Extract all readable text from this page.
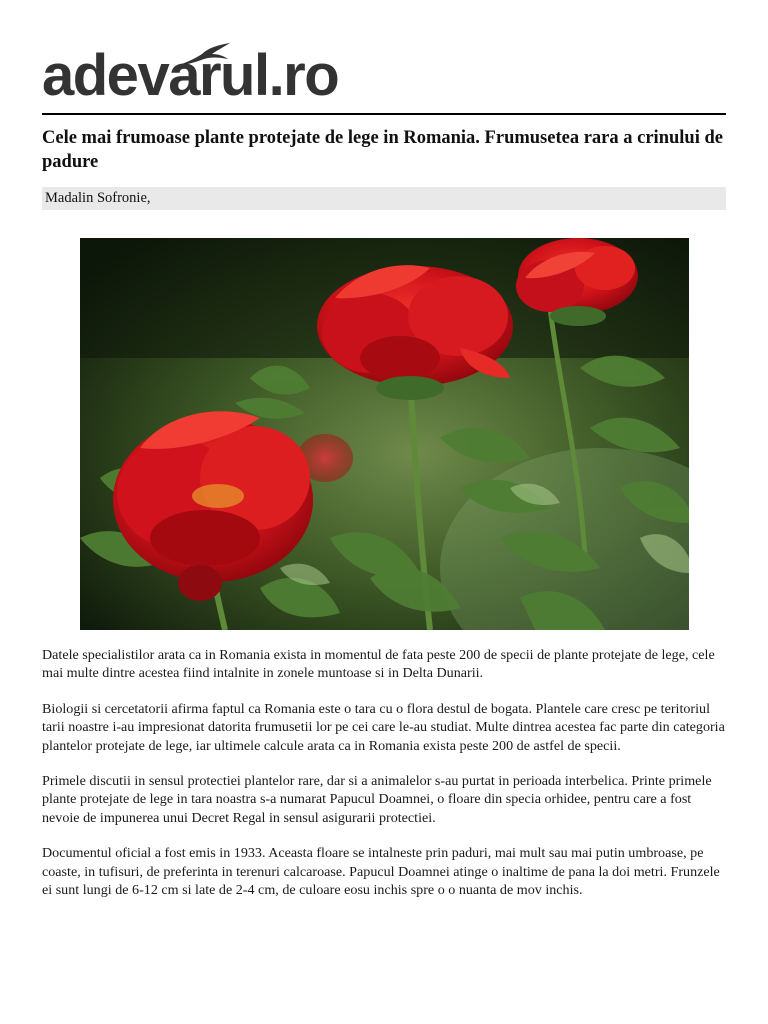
adevarul.ro
Cele mai frumoase plante protejate de lege in Romania. Frumusetea rara a crinului de padure
Madalin Sofronie,

Datele specialistilor arata ca in Romania exista in momentul de fata peste 200 de specii de plante protejate de lege, cele mai multe dintre acestea fiind intalnite in zonele muntoase si in Delta Dunarii.

Biologii si cercetatorii afirma faptul ca Romania este o tara cu o flora destul de bogata. Plantele care cresc pe teritoriul tarii noastre i-au impresionat datorita frumusetii lor pe cei care le-au studiat. Multe dintrea acestea fac parte din categoria plantelor protejate de lege, iar ultimele calcule arata ca in Romania exista peste 200 de astfel de specii.

Primele discutii in sensul protectiei plantelor rare, dar si a animalelor s-au purtat in perioada interbelica. Printe primele plante protejate de lege in tara noastra s-a numarat Papucul Doamnei, o floare din specia orhidee, pentru care a fost nevoie de impunerea unui Decret Regal in sensul asigurarii protectiei.

Documentul oficial a fost emis in 1933. Aceasta floare se intalneste prin paduri, mai mult sau mai putin umbroase, pe coaste, in tufisuri, de preferinta in terenuri calcaroase. Papucul Doamnei atinge o inaltime de pana la doi metri. Frunzele ei sunt lungi de 6-12 cm si late de 2-4 cm, de culoare eosu inchis spre o o nuanta de mov inchis.
